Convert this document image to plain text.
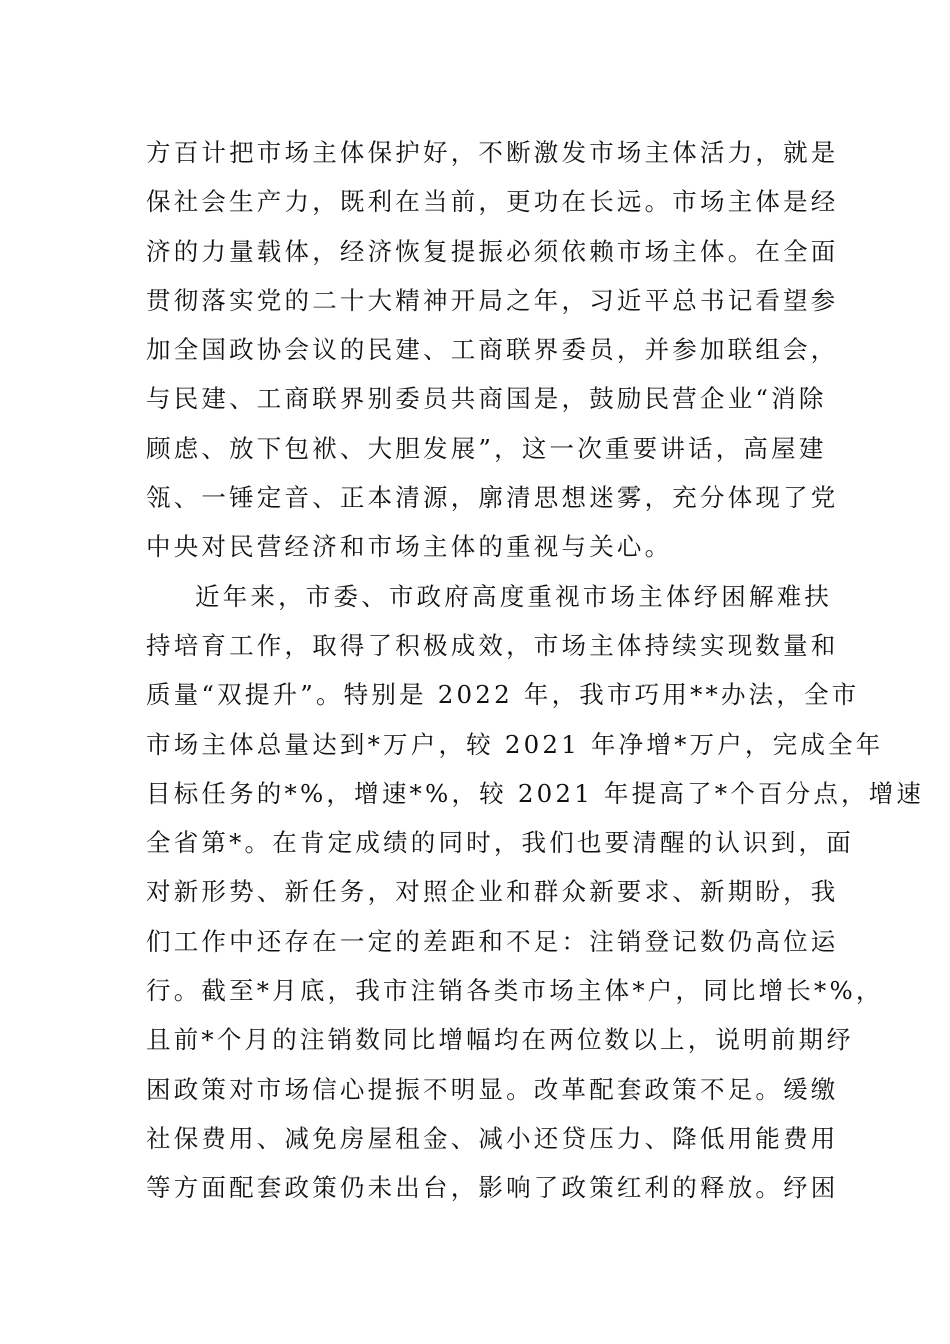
方百计把市场主体保护好，不断激发市场主体活力，就是
保社会生产力，既利在当前，更功在长远。市场主体是经
济的力量载体，经济恢复提振必须依赖市场主体。在全面
贯彻落实党的二十大精神开局之年，习近平总书记看望参
加全国政协会议的民建、工商联界委员，并参加联组会，
与民建、工商联界别委员共商国是，鼓励民营企业“消除
顾虑、放下包袱、大胆发展”，这一次重要讲话，高屋建
瓴、一锤定音、正本清源，廓清思想迷雾，充分体现了党
中央对民营经济和市场主体的重视与关心。
近年来，市委、市政府高度重视市场主体纾困解难扶
持培育工作，取得了积极成效，市场主体持续实现数量和
质量“双提升”。特别是 2022 年，我市巧用**办法，全市
市场主体总量达到*万户，较 2021 年净增*万户，完成全年
目标任务的*%，增速*%，较 2021 年提高了*个百分点，增速
全省第*。在肯定成绩的同时，我们也要清醒的认识到，面
对新形势、新任务，对照企业和群众新要求、新期盼，我
们工作中还存在一定的差距和不足：注销登记数仍高位运
行。截至*月底，我市注销各类市场主体*户，同比增长*%，
且前*个月的注销数同比增幅均在两位数以上，说明前期纾
困政策对市场信心提振不明显。改革配套政策不足。缓缴
社保费用、减免房屋租金、减小还贷压力、降低用能费用
等方面配套政策仍未出台，影响了政策红利的释放。纾困
